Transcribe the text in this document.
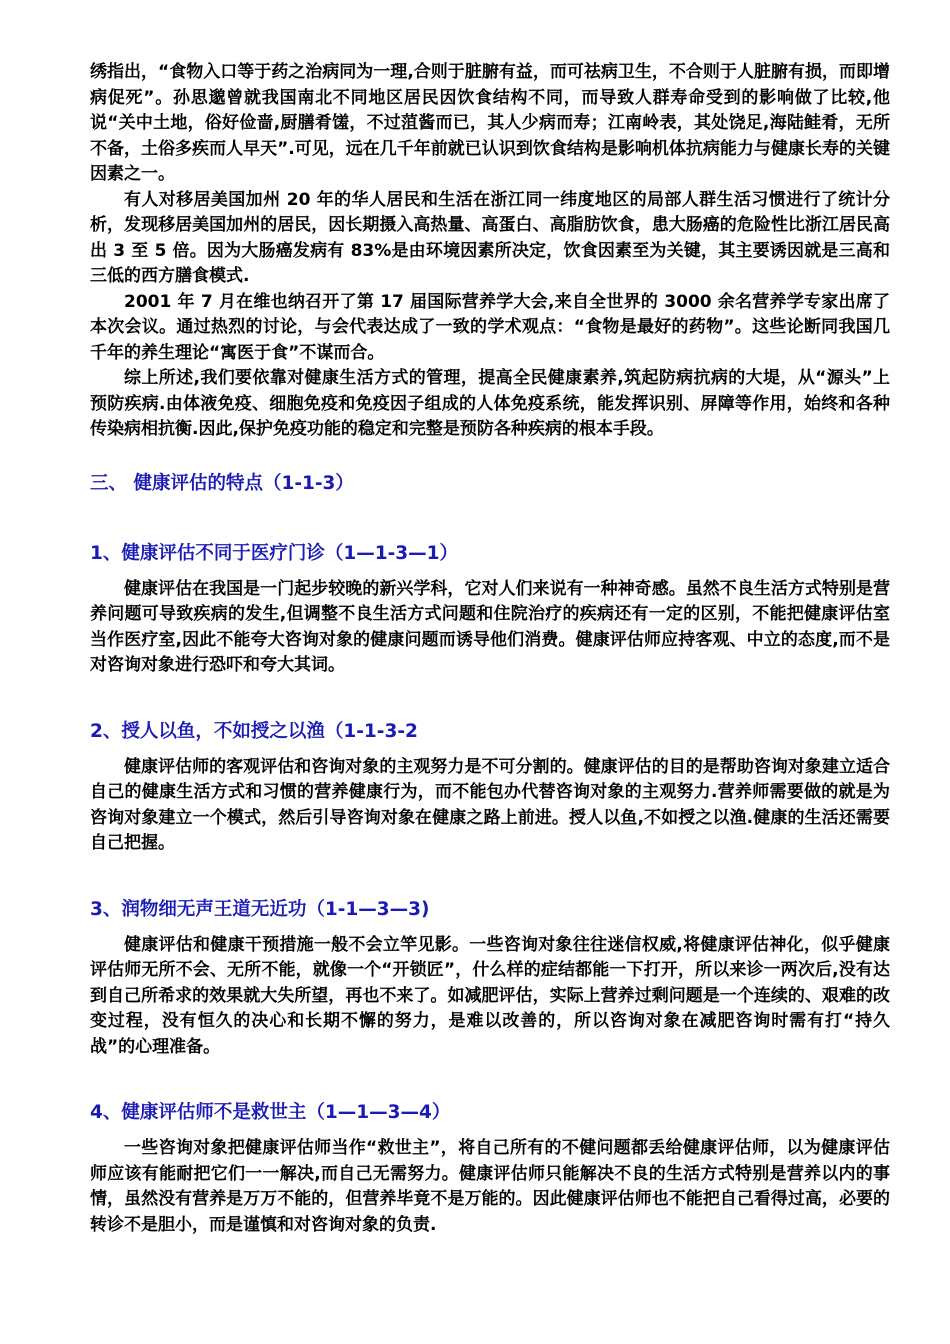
绣指出，“食物入口等于药之治病同为一理,合则于脏腑有益，而可祛病卫生，不合则于人脏腑有损，而即增病促死”。孙思邈曾就我国南北不同地区居民因饮食结构不同，而导致人群寿命受到的影响做了比较,他说“关中土地，俗好俭啬,厨膳肴馐，不过菹酱而已，其人少病而寿；江南岭表，其处饶足,海陆鲑肴，无所不备，土俗多疾而人早天”.可见，远在几千年前就已认识到饮食结构是影响机体抗病能力与健康长寿的关键因素之一。

有人对移居美国加州 20 年的华人居民和生活在浙江同一纬度地区的局部人群生活习惯进行了统计分析，发现移居美国加州的居民，因长期摄入高热量、高蛋白、高脂肪饮食，患大肠癌的危险性比浙江居民高出 3 至 5 倍。因为大肠癌发病有 83%是由环境因素所决定，饮食因素至为关键，其主要诱因就是三高和三低的西方膳食模式.

2001 年 7 月在维也纳召开了第 17 届国际营养学大会,来自全世界的 3000 余名营养学专家出席了本次会议。通过热烈的讨论，与会代表达成了一致的学术观点：“食物是最好的药物”。这些论断同我国几千年的养生理论“寓医于食”不谋而合。

综上所述,我们要依靠对健康生活方式的管理，提高全民健康素养,筑起防病抗病的大堤，从“源头”上预防疾病.由体液免疫、细胞免疫和免疫因子组成的人体免疫系统，能发挥识别、屏障等作用，始终和各种传染病相抗衡.因此,保护免疫功能的稳定和完整是预防各种疾病的根本手段。

三、 健康评估的特点（1-1-3）
1、健康评估不同于医疗门诊（1—1-3—1）

健康评估在我国是一门起步较晚的新兴学科，它对人们来说有一种神奇感。虽然不良生活方式特别是营养问题可导致疾病的发生,但调整不良生活方式问题和住院治疗的疾病还有一定的区别，不能把健康评估室当作医疗室,因此不能夸大咨询对象的健康问题而诱导他们消费。健康评估师应持客观、中立的态度,而不是对咨询对象进行恐吓和夸大其词。

2、授人以鱼，不如授之以渔（1-1-3-2

健康评估师的客观评估和咨询对象的主观努力是不可分割的。健康评估的目的是帮助咨询对象建立适合自己的健康生活方式和习惯的营养健康行为，而不能包办代替咨询对象的主观努力.营养师需要做的就是为咨询对象建立一个模式，然后引导咨询对象在健康之路上前进。授人以鱼,不如授之以渔.健康的生活还需要自己把握。

3、润物细无声王道无近功（1-1—3—3)

健康评估和健康干预措施一般不会立竿见影。一些咨询对象往往迷信权威,将健康评估神化，似乎健康评估师无所不会、无所不能，就像一个“开锁匠”，什么样的症结都能一下打开，所以来诊一两次后,没有达到自己所希求的效果就大失所望，再也不来了。如减肥评估，实际上营养过剩问题是一个连续的、艰难的改变过程，没有恒久的决心和长期不懈的努力，是难以改善的，所以咨询对象在减肥咨询时需有打“持久战”的心理准备。

4、健康评估师不是救世主（1—1—3—4）

一些咨询对象把健康评估师当作“救世主”，将自己所有的不健问题都丢给健康评估师，以为健康评估师应该有能耐把它们一一解决,而自己无需努力。健康评估师只能解决不良的生活方式特别是营养以内的事情，虽然没有营养是万万不能的，但营养毕竟不是万能的。因此健康评估师也不能把自己看得过高，必要的转诊不是胆小，而是谨慎和对咨询对象的负责.
